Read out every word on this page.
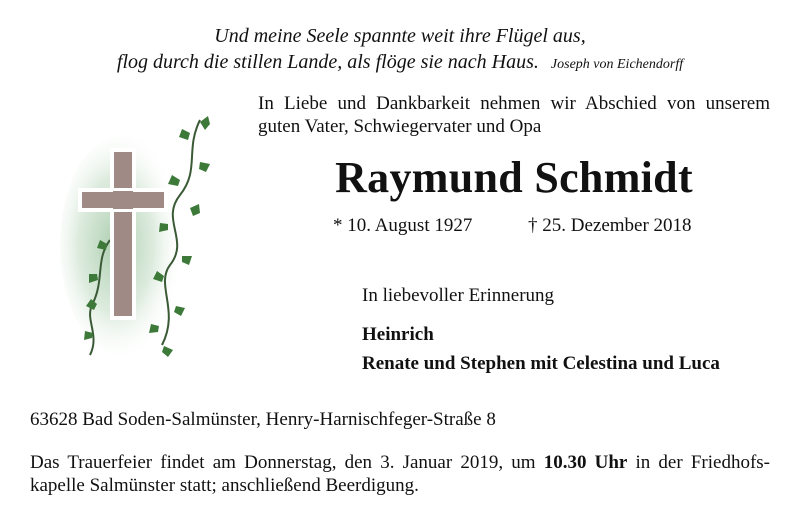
Und meine Seele spannte weit ihre Flügel aus,
flog durch die stillen Lande, als flöge sie nach Haus. Joseph von Eichendorff
In Liebe und Dankbarkeit nehmen wir Abschied von unserem
guten Vater, Schwiegervater und Opa
Raymund Schmidt
* 10. August 1927	† 25. Dezember 2018
In liebevoller Erinnerung
Heinrich
Renate und Stephen mit Celestina und Luca
63628 Bad Soden-Salmünster, Henry-Harnischfeger-Straße 8
Das Trauerfeier findet am Donnerstag, den 3. Januar 2019, um 10.30 Uhr in der Friedhofs-
kapelle Salmünster statt; anschließend Beerdigung.
